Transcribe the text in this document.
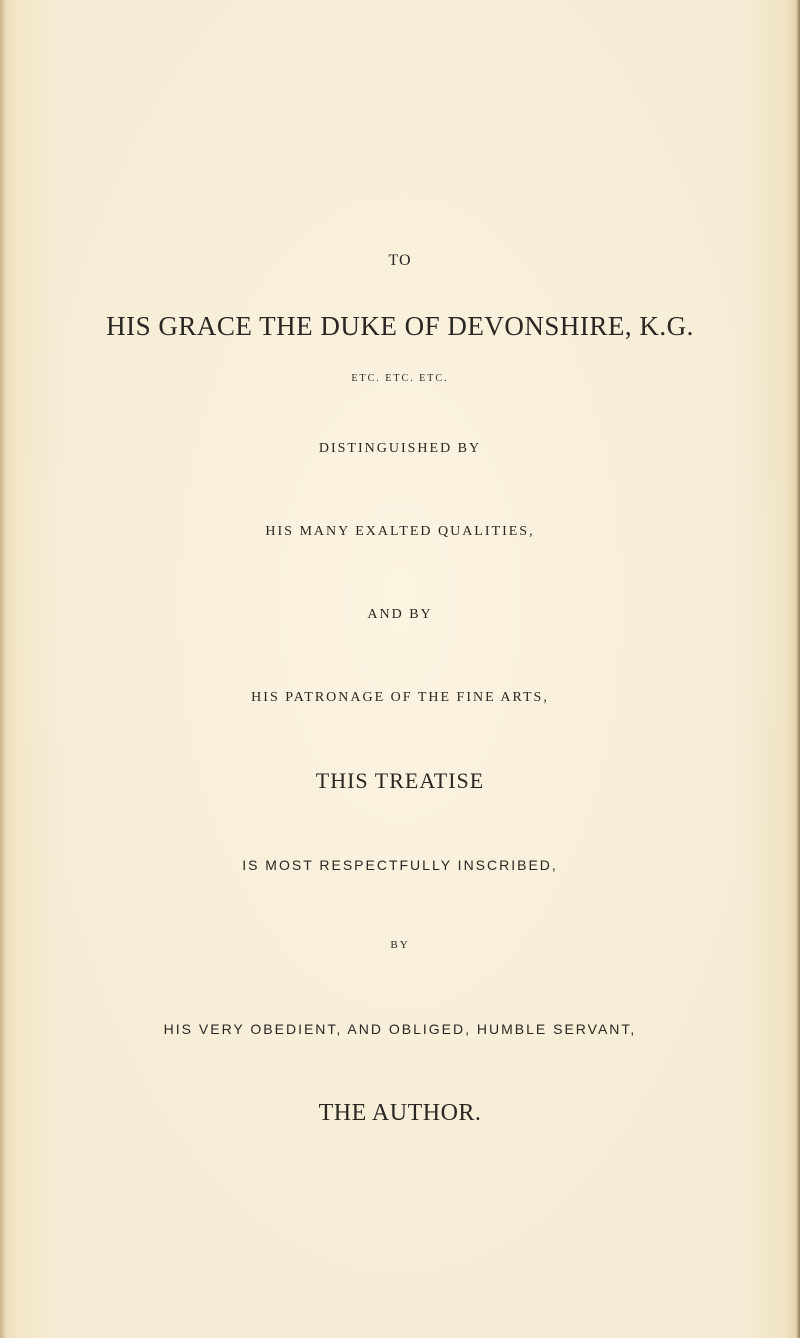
TO
HIS GRACE THE DUKE OF DEVONSHIRE, K.G.
ETC. ETC. ETC.
DISTINGUISHED BY
HIS MANY EXALTED QUALITIES,
AND BY
HIS PATRONAGE OF THE FINE ARTS,
THIS TREATISE
IS MOST RESPECTFULLY INSCRIBED,
BY
HIS VERY OBEDIENT, AND OBLIGED, HUMBLE SERVANT,
THE AUTHOR.
